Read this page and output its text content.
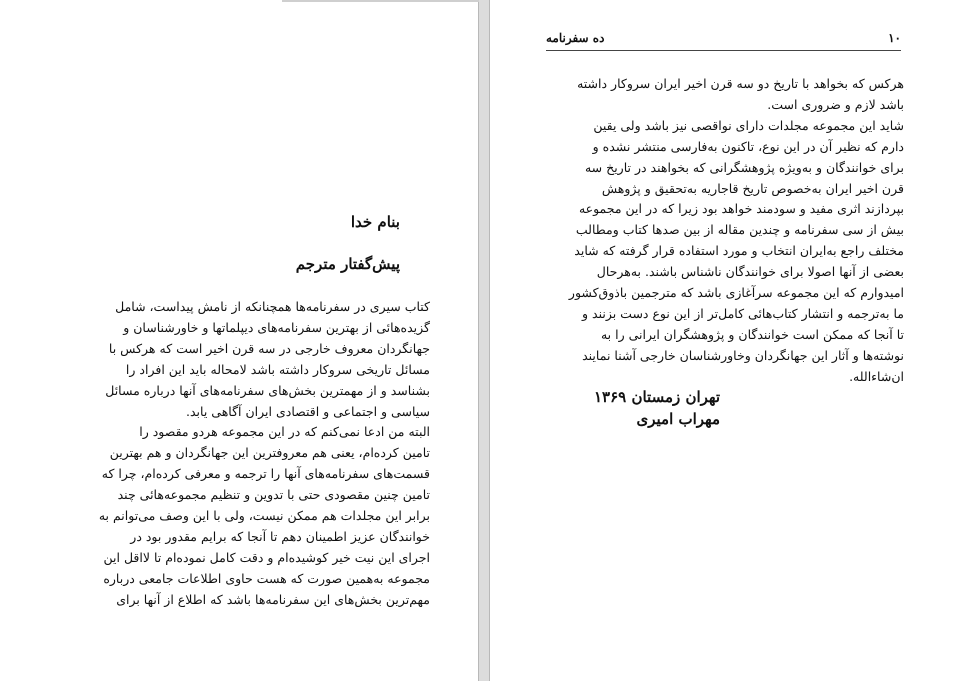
بنام خدا
پیش‌گفتار مترجم
کتاب سیری در سفرنامه‌ها همچنانکه از نامش پیداست، شامل
گزیده‌هائی از بهترین سفرنامه‌های دیپلماتها و خاورشناسان و
جهانگردان معروف خارجی در سه قرن اخیر است که هرکس با
مسائل تاریخی سروکار داشته باشد لامحاله باید این افراد را
بشناسد و از مهمترین بخش‌های سفرنامه‌های آنها درباره مسائل
سیاسی و اجتماعی و اقتصادی ایران آگاهی یابد.
البته من ادعا نمی‌کنم که در این مجموعه هردو مقصود را
تامین کرده‌ام، یعنی هم معروفترین این جهانگردان و هم بهترین
قسمت‌های سفرنامه‌های آنها را ترجمه و معرفی کرده‌ام، چرا که
تامین چنین مقصودی حتی با تدوین و تنظیم مجموعه‌هائی چند
برابر این مجلدات هم ممکن نیست، ولی با این وصف می‌توانم به
خوانندگان عزیز اطمینان دهم تا آنجا که برایم مقدور بود در
اجرای این نیت خیر کوشیده‌ام و دقت کامل نموده‌ام تا لااقل این
مجموعه به‌همین صورت که هست حاوی اطلاعات جامعی درباره
مهم‌ترین بخش‌های این سفرنامه‌ها باشد که اطلاع از آنها برای
۱۰
ده سفرنامه
هرکس که بخواهد با تاریخ دو سه قرن اخیر ایران سروکار داشته
باشد لازم و ضروری است.
شاید این مجموعه مجلدات دارای نواقصی نیز باشد ولی یقین
دارم که نظیر آن در این نوع، تاکنون به‌فارسی منتشر نشده و
برای خوانندگان و به‌ویژه پژوهشگرانی که بخواهند در تاریخ سه
قرن اخیر ایران به‌خصوص تاریخ قاجاریه به‌تحقیق و پژوهش
بپردازند اثری مفید و سودمند خواهد بود زیرا که در این مجموعه
بیش از سی سفرنامه و چندین مقاله از بین صدها کتاب ومطالب
مختلف راجع به‌ایران انتخاب و مورد استفاده قرار گرفته که شاید
بعضی از آنها اصولا برای خوانندگان ناشناس باشند. به‌هرحال
امیدوارم که این مجموعه سرآغازی باشد که مترجمین باذوق‌کشور
ما به‌ترجمه و انتشار کتاب‌هائی کامل‌تر از این نوع دست بزنند و
تا آنجا که ممکن است خوانندگان و پژوهشگران ایرانی را به
نوشته‌ها و آثار این جهانگردان وخاورشناسان خارجی آشنا نمایند
ان‌شاءالله.
تهران زمستان ۱۳۶۹
مهراب امیری
